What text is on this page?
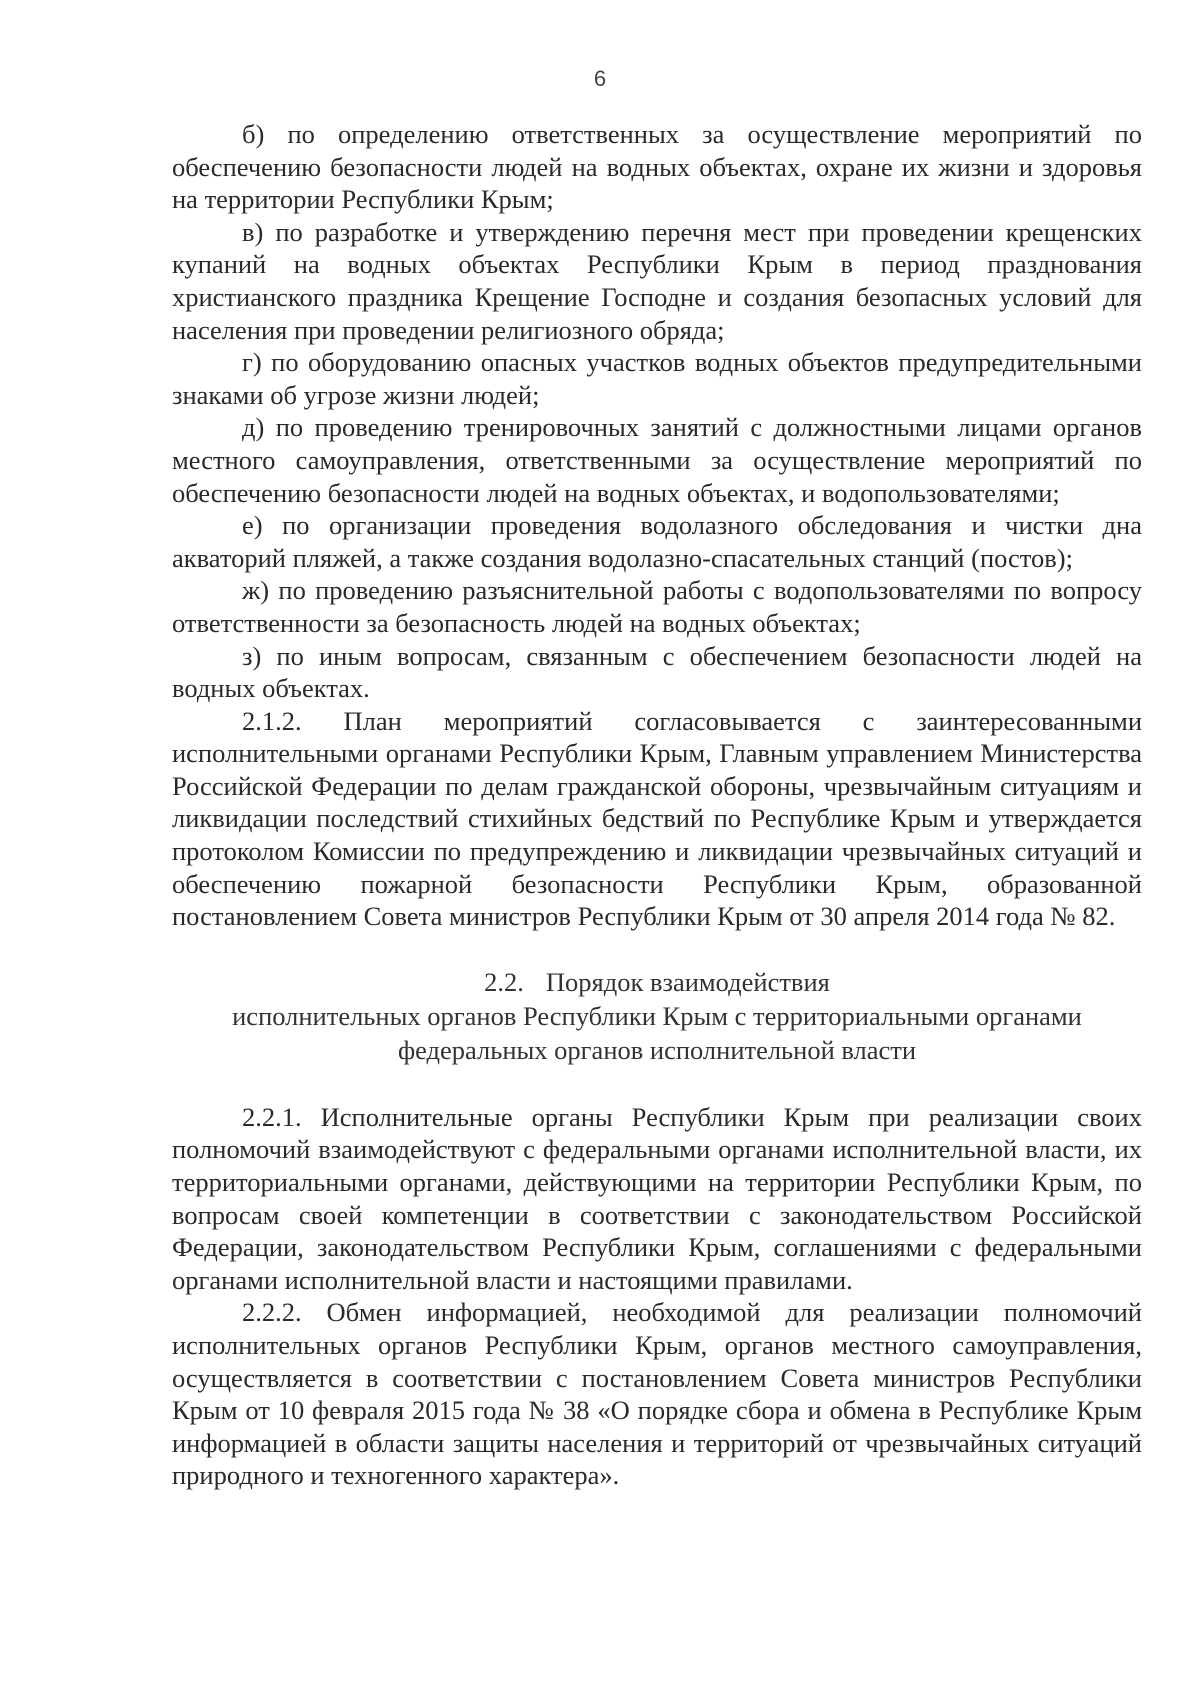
6

б) по определению ответственных за осуществление мероприятий по обеспечению безопасности людей на водных объектах, охране их жизни и здоровья на территории Республики Крым;

в) по разработке и утверждению перечня мест при проведении крещенских купаний на водных объектах Республики Крым в период празднования христианского праздника Крещение Господне и создания безопасных условий для населения при проведении религиозного обряда;

г) по оборудованию опасных участков водных объектов предупредительными знаками об угрозе жизни людей;

д) по проведению тренировочных занятий с должностными лицами органов местного самоуправления, ответственными за осуществление мероприятий по обеспечению безопасности людей на водных объектах, и водопользователями;

е) по организации проведения водолазного обследования и чистки дна акваторий пляжей, а также создания водолазно-спасательных станций (постов);

ж) по проведению разъяснительной работы с водопользователями по вопросу ответственности за безопасность людей на водных объектах;

з) по иным вопросам, связанным с обеспечением безопасности людей на водных объектах.

2.1.2. План мероприятий согласовывается с заинтересованными исполнительными органами Республики Крым, Главным управлением Министерства Российской Федерации по делам гражданской обороны, чрезвычайным ситуациям и ликвидации последствий стихийных бедствий по Республике Крым и утверждается протоколом Комиссии по предупреждению и ликвидации чрезвычайных ситуаций и обеспечению пожарной безопасности Республики Крым, образованной постановлением Совета министров Республики Крым от 30 апреля 2014 года № 82.

2.2. Порядок взаимодействия
исполнительных органов Республики Крым с территориальными органами
федеральных органов исполнительной власти

2.2.1. Исполнительные органы Республики Крым при реализации своих полномочий взаимодействуют с федеральными органами исполнительной власти, их территориальными органами, действующими на территории Республики Крым, по вопросам своей компетенции в соответствии с законодательством Российской Федерации, законодательством Республики Крым, соглашениями с федеральными органами исполнительной власти и настоящими правилами.

2.2.2. Обмен информацией, необходимой для реализации полномочий исполнительных органов Республики Крым, органов местного самоуправления, осуществляется в соответствии с постановлением Совета министров Республики Крым от 10 февраля 2015 года № 38 «О порядке сбора и обмена в Республике Крым информацией в области защиты населения и территорий от чрезвычайных ситуаций природного и техногенного характера».
